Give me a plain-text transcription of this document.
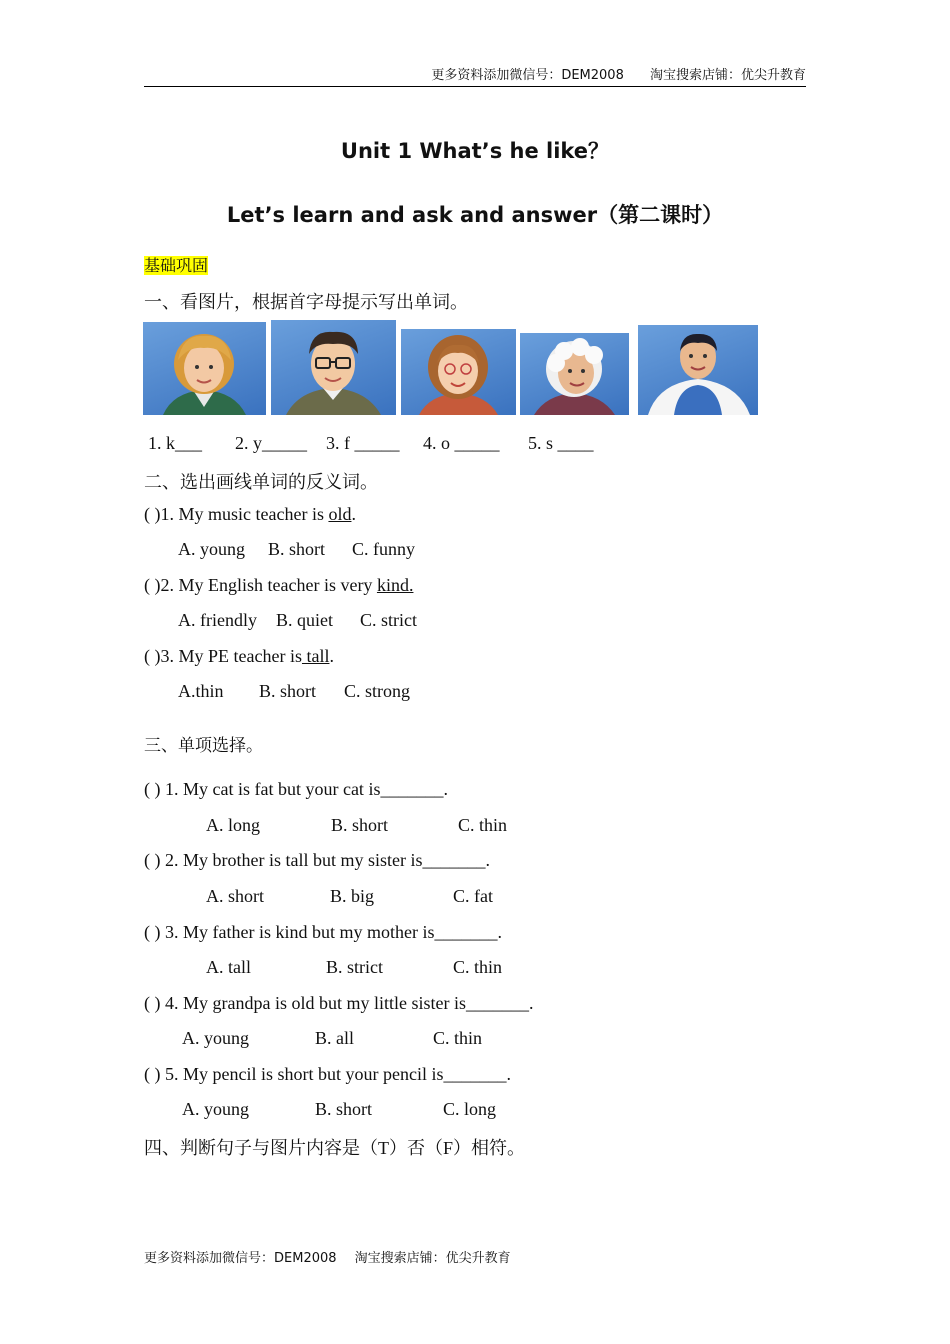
更多资料添加微信号：DEM2008 淘宝搜索店铺：优尖升教育
Unit 1 What’s he like？
Let’s learn and ask and answer（第二课时）
基础巩固
一、看图片，根据首字母提示写出单词。
1. k___ 2. y_____ 3. f _____ 4. o _____ 5. s ____
二、选出画线单词的反义词。
( )1. My music teacher is old.
A. young B. short C. funny
( )2. My English teacher is very kind.
A. friendly B. quiet C. strict
( )3. My PE teacher is tall.
A.thin B. short C. strong
三、单项选择。
( ) 1. My cat is fat but your cat is_______.
A. long	B. short	C. thin
( ) 2. My brother is tall but my sister is_______.
A. short	B. big	C. fat
( ) 3. My father is kind but my mother is_______.
A. tall	B. strict	C. thin
( ) 4. My grandpa is old but my little sister is_______.
A. young	B. all	C. thin
( ) 5. My pencil is short but your pencil is_______.
A. young	B. short	C. long
四、判断句子与图片内容是（T）否（F）相符。
更多资料添加微信号：DEM2008 淘宝搜索店铺：优尖升教育
